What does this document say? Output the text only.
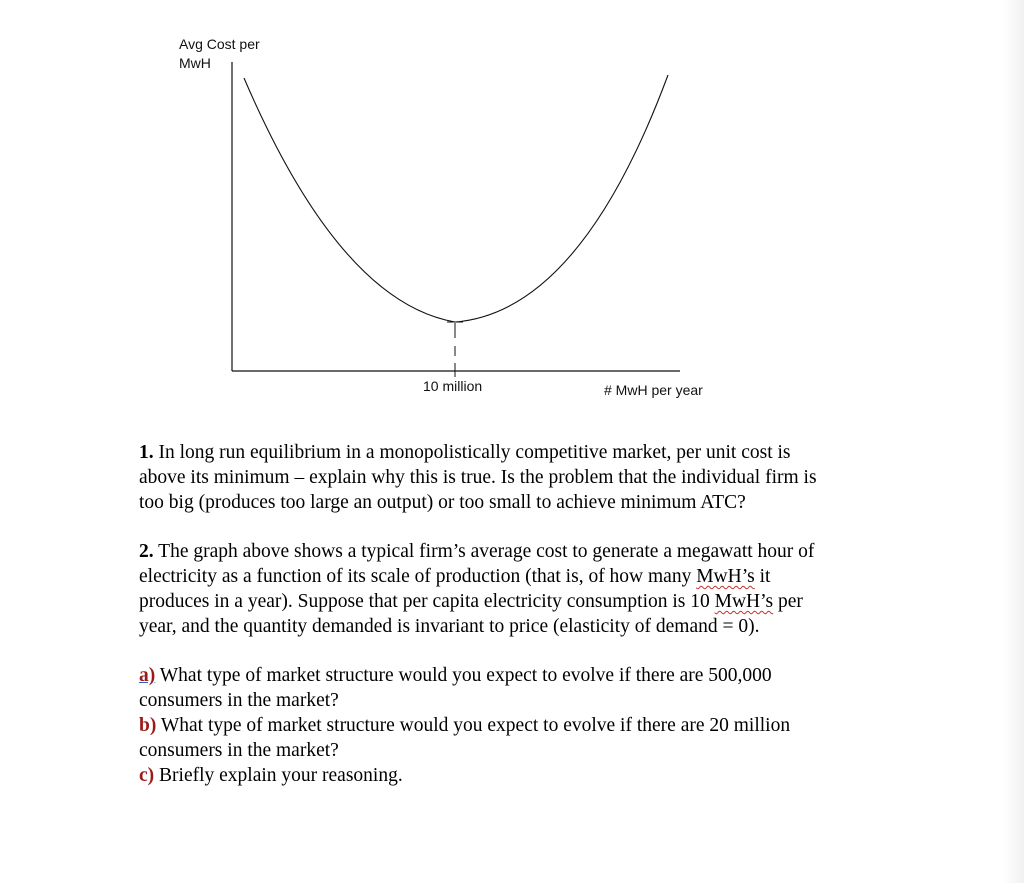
Avg Cost per
MwH
10 million	# MwH per year

1. In long run equilibrium in a monopolistically competitive market, per unit cost is

above its minimum – explain why this is true. Is the problem that the individual firm is

too big (produces too large an output) or too small to achieve minimum ATC?

2. The graph above shows a typical firm’s average cost to generate a megawatt hour of

electricity as a function of its scale of production (that is, of how many MwH’s it

produces in a year). Suppose that per capita electricity consumption is 10 MwH’s per

year, and the quantity demanded is invariant to price (elasticity of demand = 0).

a) What type of market structure would you expect to evolve if there are 500,000

consumers in the market?

b) What type of market structure would you expect to evolve if there are 20 million

consumers in the market?

c) Briefly explain your reasoning.
